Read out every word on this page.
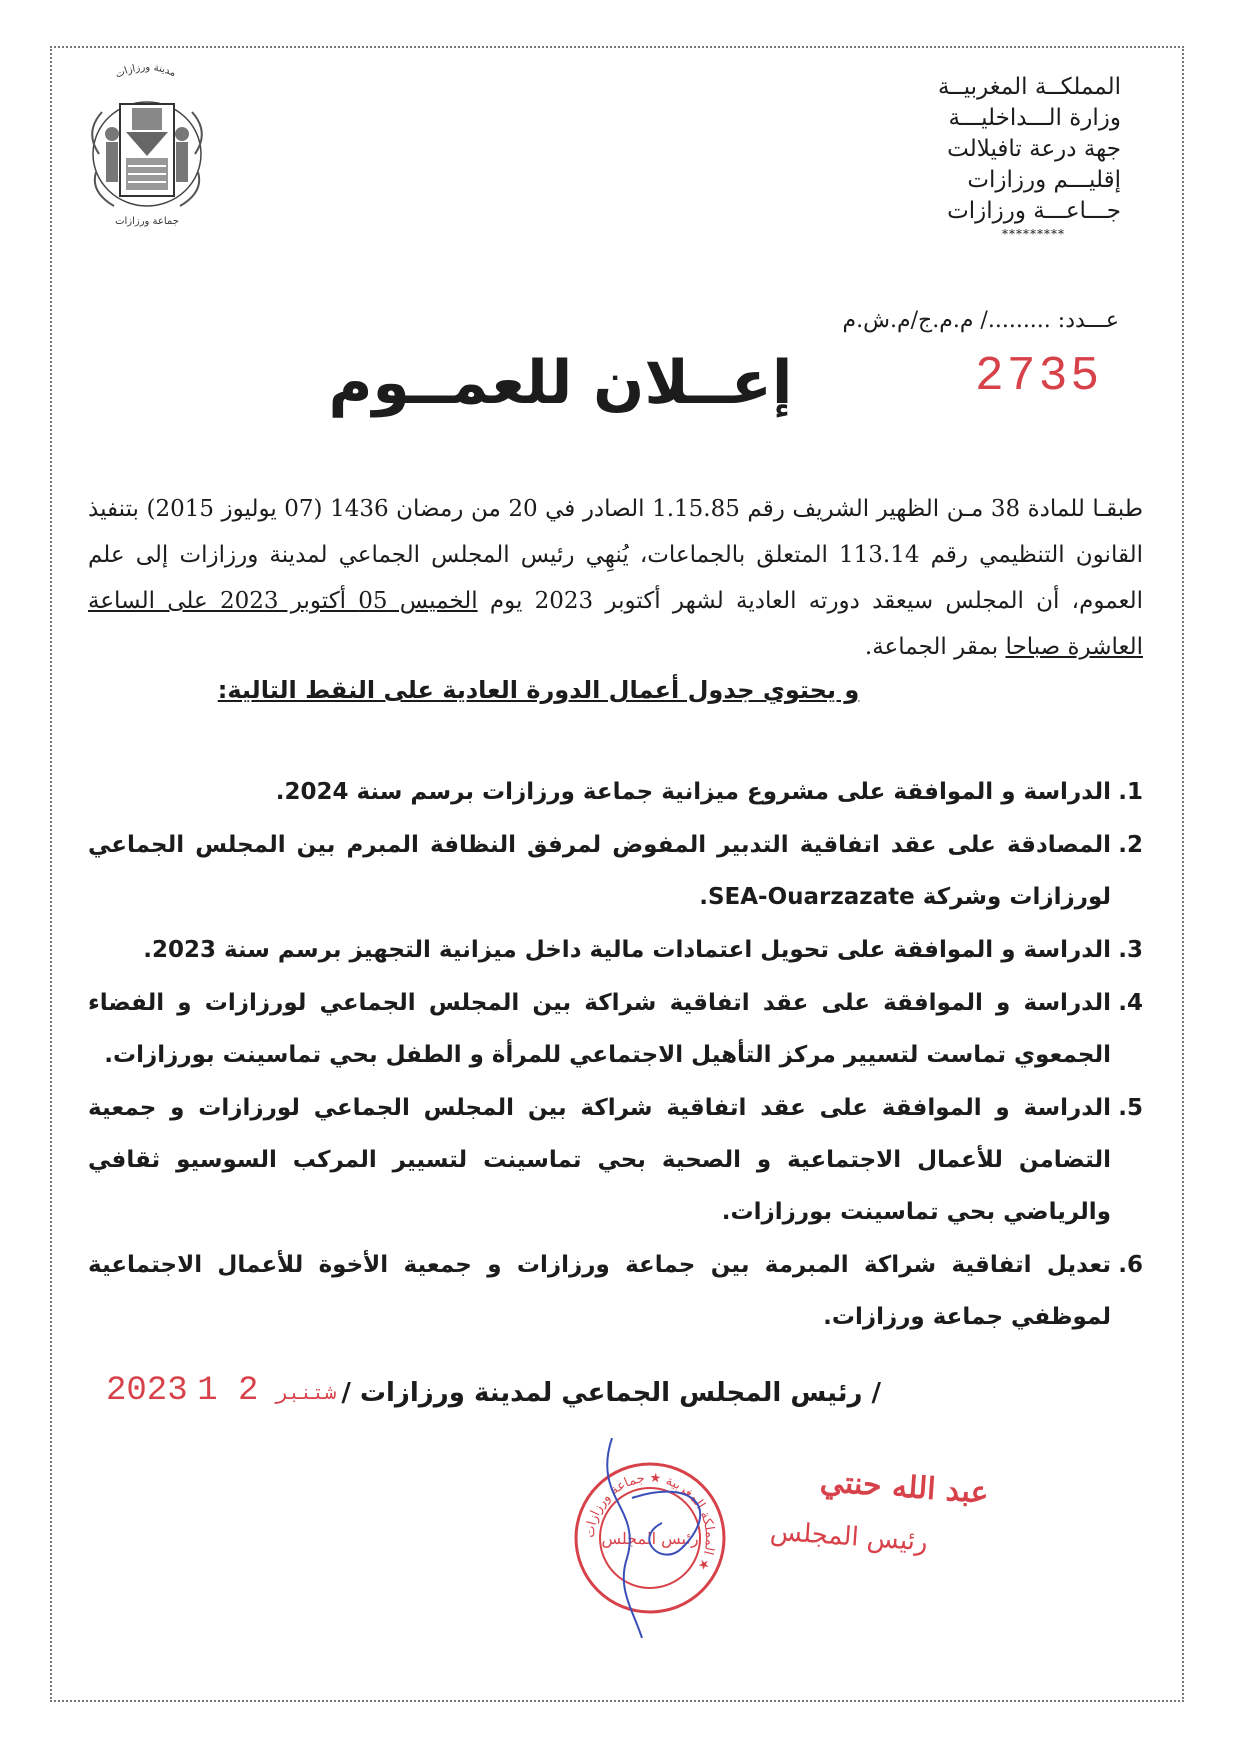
مدينة ورزازات
جماعة ورزازات
المملكــة المغربيــة
وزارة الـــداخليـــة
جهة درعة تافيلالت
إقليـــم ورزازات
جـــاعـــة ورزازات
*********
عـــدد: ........./ م.م.ج/م.ش.م
2735
إعــلان للعمــوم
طبقـا للمادة 38 مـن الظهير الشريف رقم 1.15.85 الصادر في 20 من رمضان 1436 (07 يوليوز 2015) بتنفيذ القانون التنظيمي رقم 113.14 المتعلق بالجماعات، يُنهِي رئيس المجلس الجماعي لمدينة ورزازات إلى علم العموم، أن المجلس سيعقد دورته العادية لشهر أكتوبر 2023 يوم الخميس 05 أكتوبر 2023 على الساعة العاشرة صباحا بمقر الجماعة.
و يحتوي جدول أعمال الدورة العادية على النقط التالية:
1.
الدراسة و الموافقة على مشروع ميزانية جماعة ورزازات برسم سنة 2024.
2.
المصادقة على عقد اتفاقية التدبير المفوض لمرفق النظافة المبرم بين المجلس الجماعي لورزازات وشركة SEA-Ouarzazate.
3.
الدراسة و الموافقة على تحويل اعتمادات مالية داخل ميزانية التجهيز برسم سنة 2023.
4.
الدراسة و الموافقة على عقد اتفاقية شراكة بين المجلس الجماعي لورزازات و الفضاء الجمعوي تماست لتسيير مركز التأهيل الاجتماعي للمرأة و الطفل بحي تماسينت بورزازات.
5.
الدراسة و الموافقة على عقد اتفاقية شراكة بين المجلس الجماعي لورزازات و جمعية التضامن للأعمال الاجتماعية و الصحية بحي تماسينت لتسيير المركب السوسيو ثقافي والرياضي بحي تماسينت بورزازات.
6.
تعديل اتفاقية شراكة المبرمة بين جماعة ورزازات و جمعية الأخوة للأعمال الاجتماعية لموظفي جماعة ورزازات.
2023	شتنبر 2 1	/ رئيس المجلس الجماعي لمدينة ورزازات /
المملكة المغربية ★ جماعة ورزازات ★
رئيس المجلس
عبد الله حنتي
رئيس المجلس
